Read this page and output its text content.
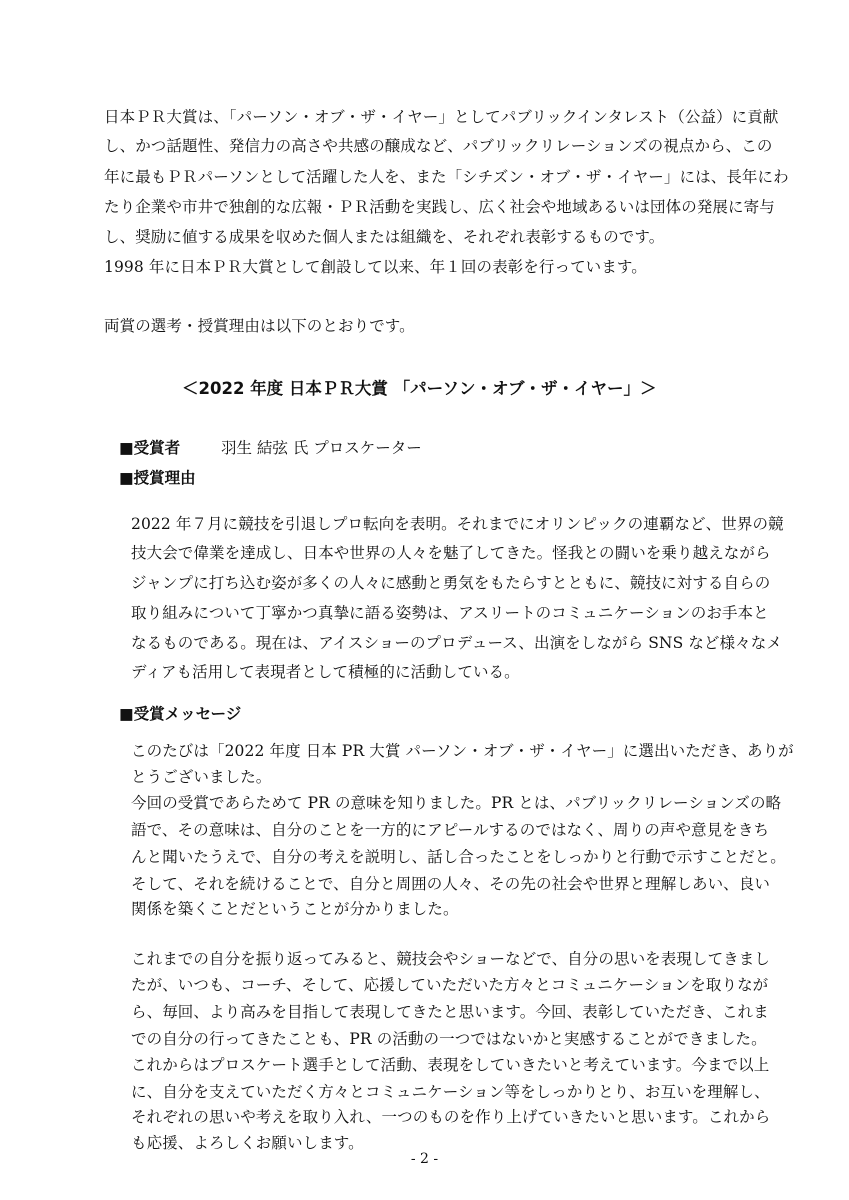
日本ＰＲ大賞は、「パーソン・オブ・ザ・イヤー」としてパブリックインタレスト（公益）に貢献
し、かつ話題性、発信力の高さや共感の醸成など、パブリックリレーションズの視点から、この
年に最もＰＲパーソンとして活躍した人を、また「シチズン・オブ・ザ・イヤー」には、長年にわ
たり企業や市井で独創的な広報・ＰＲ活動を実践し、広く社会や地域あるいは団体の発展に寄与
し、奨励に値する成果を収めた個人または組織を、それぞれ表彰するものです。
1998 年に日本ＰＲ大賞として創設して以来、年１回の表彰を行っています。
両賞の選考・授賞理由は以下のとおりです。
＜2022 年度 日本ＰＲ大賞 「パーソン・オブ・ザ・イヤー」＞
■受賞者	羽生 結弦 氏 プロスケーター
■授賞理由
2022 年７月に競技を引退しプロ転向を表明。それまでにオリンピックの連覇など、世界の競
技大会で偉業を達成し、日本や世界の人々を魅了してきた。怪我との闘いを乗り越えながら
ジャンプに打ち込む姿が多くの人々に感動と勇気をもたらすとともに、競技に対する自らの
取り組みについて丁寧かつ真摯に語る姿勢は、アスリートのコミュニケーションのお手本と
なるものである。現在は、アイスショーのプロデュース、出演をしながら SNS など様々なメ
ディアも活用して表現者として積極的に活動している。
■受賞メッセージ
このたびは「2022 年度 日本 PR 大賞 パーソン・オブ・ザ・イヤー」に選出いただき、ありが
とうございました。
今回の受賞であらためて PR の意味を知りました。PR とは、パブリックリレーションズの略
語で、その意味は、自分のことを一方的にアピールするのではなく、周りの声や意見をきち
んと聞いたうえで、自分の考えを説明し、話し合ったことをしっかりと行動で示すことだと。
そして、それを続けることで、自分と周囲の人々、その先の社会や世界と理解しあい、良い
関係を築くことだということが分かりました。
これまでの自分を振り返ってみると、競技会やショーなどで、自分の思いを表現してきまし
たが、いつも、コーチ、そして、応援していただいた方々とコミュニケーションを取りなが
ら、毎回、より高みを目指して表現してきたと思います。今回、表彰していただき、これま
での自分の行ってきたことも、PR の活動の一つではないかと実感することができました。
これからはプロスケート選手として活動、表現をしていきたいと考えています。今まで以上
に、自分を支えていただく方々とコミュニケーション等をしっかりとり、お互いを理解し、
それぞれの思いや考えを取り入れ、一つのものを作り上げていきたいと思います。これから
も応援、よろしくお願いします。
- 2 -
